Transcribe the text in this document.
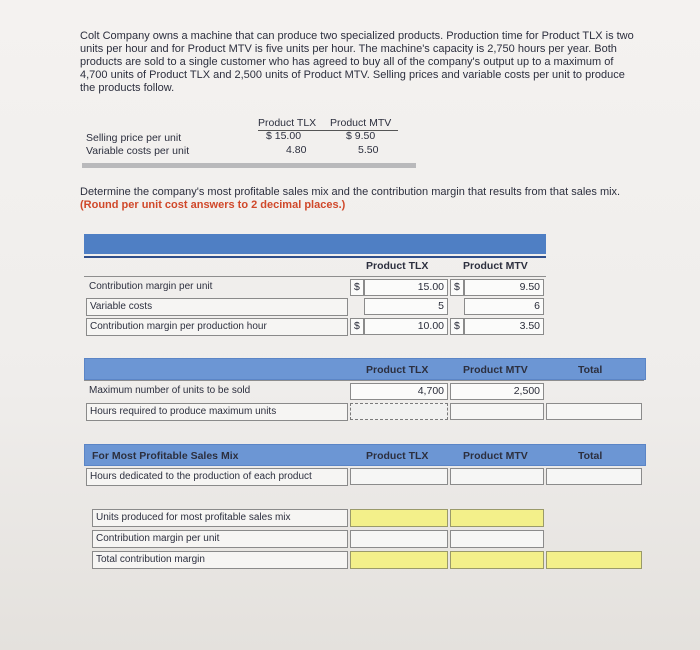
Colt Company owns a machine that can produce two specialized products. Production time for Product TLX is two units per hour and for Product MTV is five units per hour. The machine's capacity is 2,750 hours per year. Both products are sold to a single customer who has agreed to buy all of the company's output up to a maximum of 4,700 units of Product TLX and 2,500 units of Product MTV. Selling prices and variable costs per unit to produce the products follow.
Product TLX Product MTV
Selling price per unit	$ 15.00	$ 9.50
Variable costs per unit	4.80	5.50
Determine the company's most profitable sales mix and the contribution margin that results from that sales mix. (Round per unit cost answers to 2 decimal places.)
Product TLX	Product MTV
Contribution margin per unit	$	15.00 $	9.50
Variable costs	5	6
Contribution margin per production hour	$	10.00 $	3.50
Product TLX	Product MTV	Total
Maximum number of units to be sold	4,700	2,500
Hours required to produce maximum units
For Most Profitable Sales Mix	Product TLX	Product MTV	Total
Hours dedicated to the production of each product
Units produced for most profitable sales mix
Contribution margin per unit
Total contribution margin
